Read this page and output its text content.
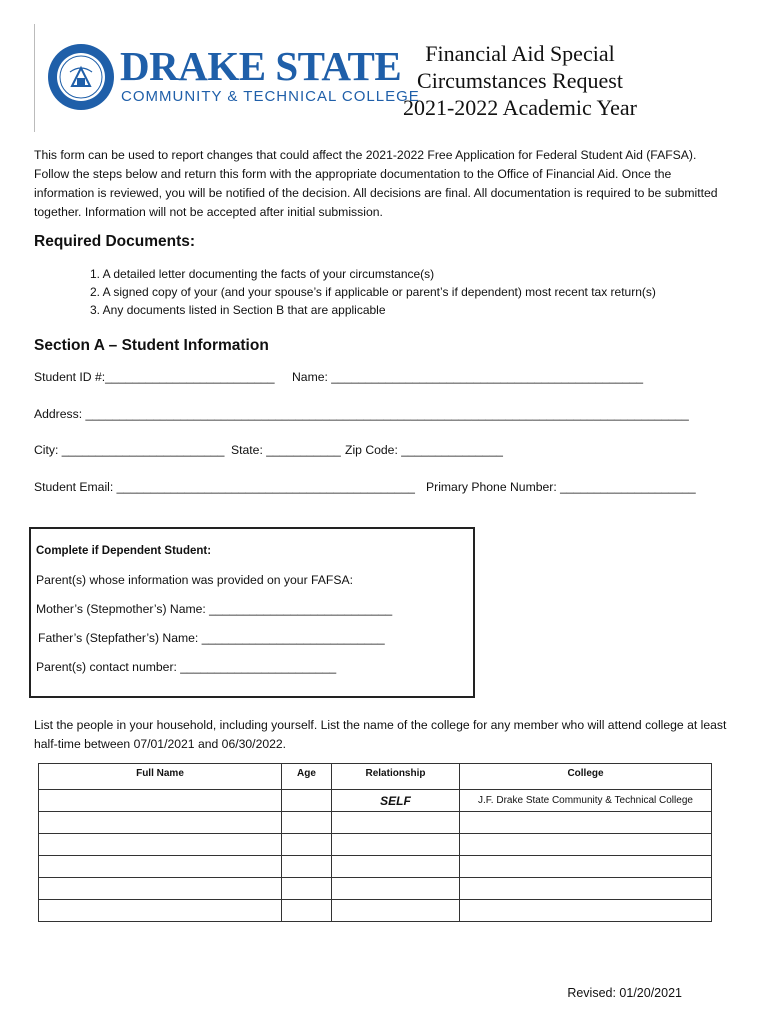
DRAKE STATE
COMMUNITY & TECHNICAL COLLEGE
Financial Aid Special
Circumstances Request
2021-2022 Academic Year
This form can be used to report changes that could affect the 2021-2022 Free Application for Federal Student Aid (FAFSA). Follow the steps below and return this form with the appropriate documentation to the Office of Financial Aid. Once the information is reviewed, you will be notified of the decision. All decisions are final. All documentation is required to be submitted together. Information will not be accepted after initial submission.
Required Documents:
1. A detailed letter documenting the facts of your circumstance(s)
2. A signed copy of your (and your spouse’s if applicable or parent’s if dependent) most recent tax return(s)
3. Any documents listed in Section B that are applicable
Section A – Student Information
Student ID #:_________________________ Name: ______________________________________________
Address: _________________________________________________________________________________________
City: ________________________ State: ___________ Zip Code: _______________
Student Email: ____________________________________________ Primary Phone Number: ____________________
Complete if Dependent Student:
Parent(s) whose information was provided on your FAFSA:
Mother’s (Stepmother’s) Name: ___________________________
Father’s (Stepfather’s) Name: ___________________________
Parent(s) contact number: _______________________
List the people in your household, including yourself. List the name of the college for any member who will attend college at least half-time between 07/01/2021 and 06/30/2022.
Full Name	Age	Relationship	College
		SELF	J.F. Drake State Community & Technical College

Revised: 01/20/2021
